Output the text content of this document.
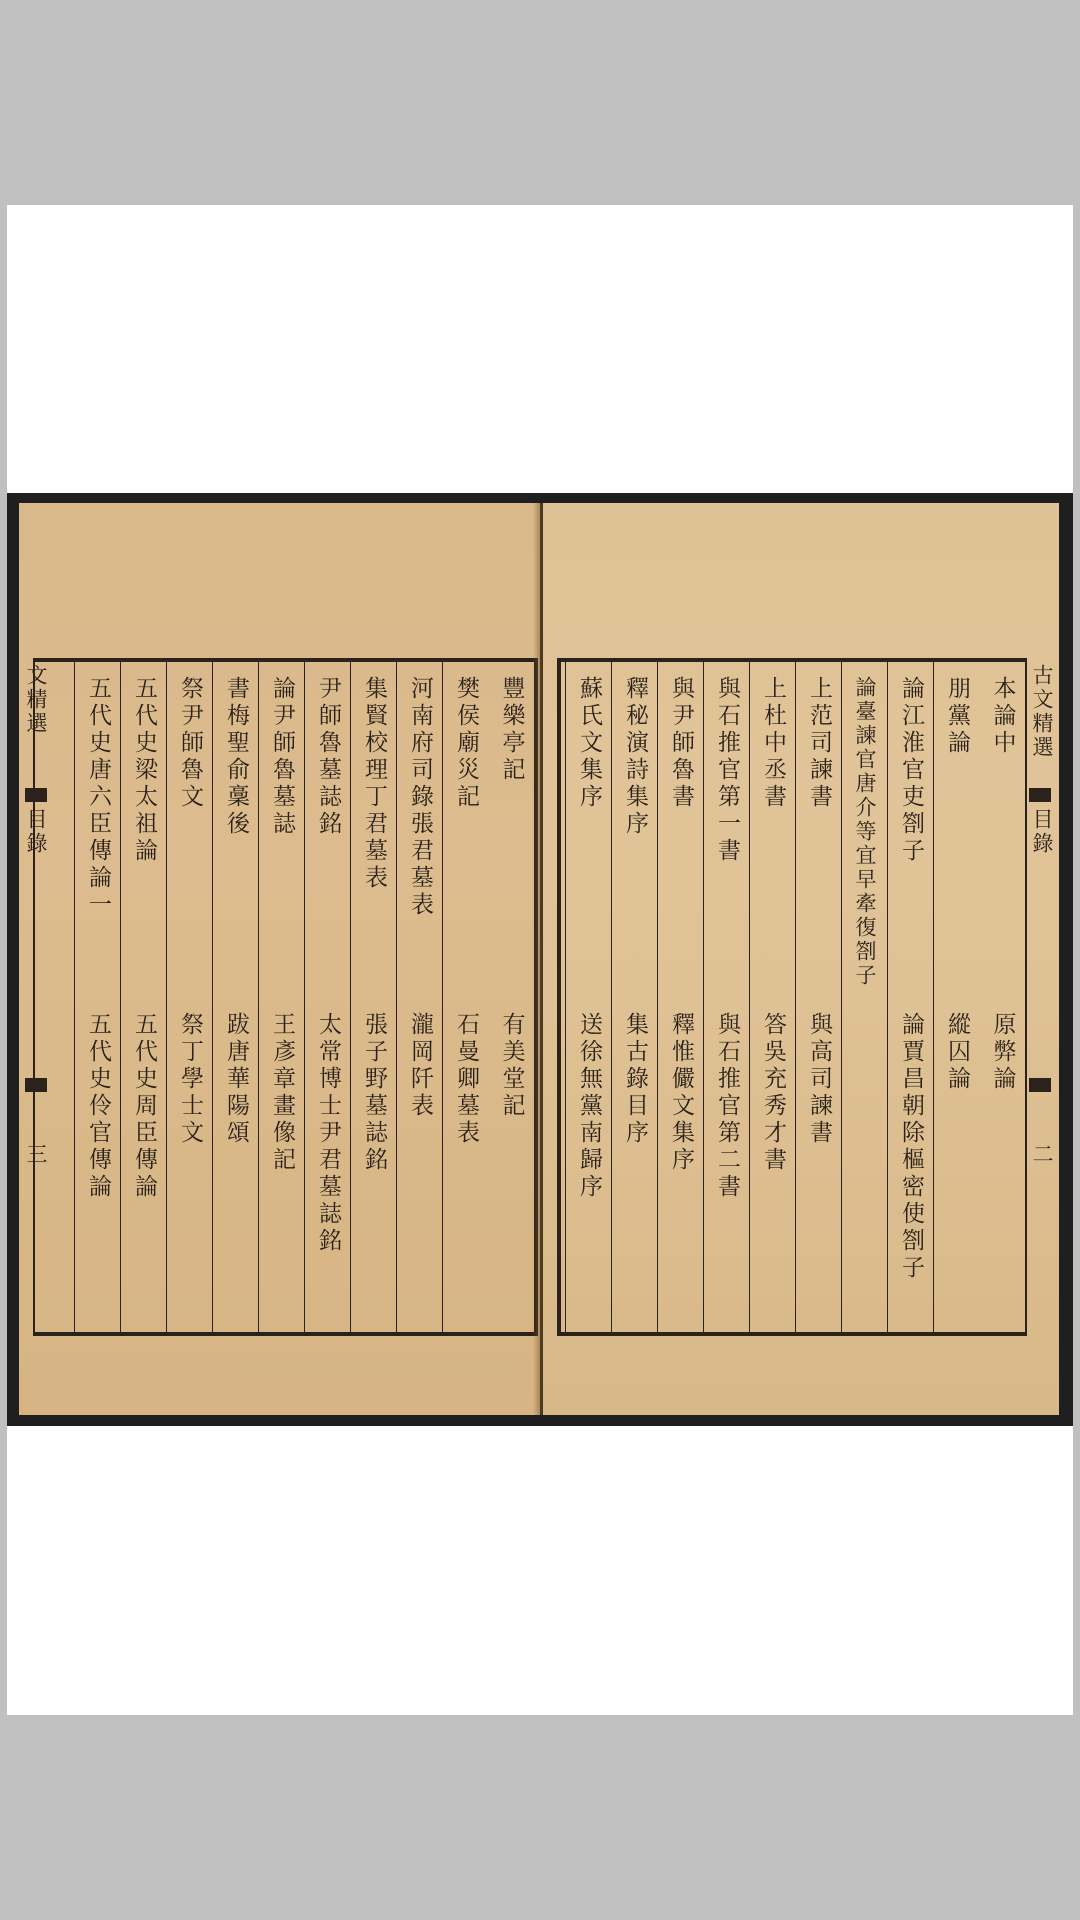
文精選
目錄
三
豐樂亭記
有美堂記
樊侯廟災記
石曼卿墓表
河南府司錄張君墓表
瀧岡阡表
集賢校理丁君墓表
張子野墓誌銘
尹師魯墓誌銘
太常博士尹君墓誌銘
論尹師魯墓誌
王彥章畫像記
書梅聖俞稾後
跋唐華陽頌
祭尹師魯文
祭丁學士文
五代史梁太祖論
五代史周臣傳論
五代史唐六臣傳論一
五代史伶官傳論
本論中
原弊論
朋黨論
縱囚論
論江淮官吏劄子
論賈昌朝除樞密使劄子
論臺諫官唐介等宜早牽復劄子
上范司諫書
與高司諫書
上杜中丞書
答吳充秀才書
與石推官第一書
與石推官第二書
與尹師魯書
釋惟儼文集序
釋秘演詩集序
集古錄目序
蘇氏文集序
送徐無黨南歸序
古文精選
目錄
二
